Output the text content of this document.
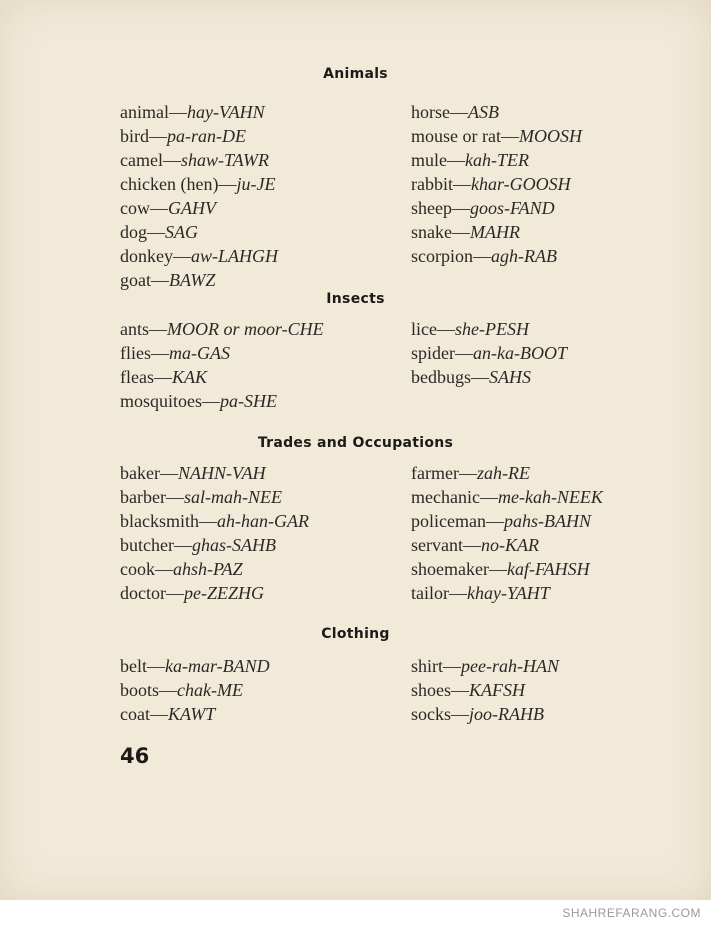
Animals
animal—hay-VAHN
bird—pa-ran-DE
camel—shaw-TAWR
chicken (hen)—ju-JE
cow—GAHV
dog—SAG
donkey—aw-LAHGH
goat—BAWZ
horse—ASB
mouse or rat—MOOSH
mule—kah-TER
rabbit—khar-GOOSH
sheep—goos-FAND
snake—MAHR
scorpion—agh-RAB
Insects
ants—MOOR or moor-CHE
flies—ma-GAS
fleas—KAK
mosquitoes—pa-SHE
lice—she-PESH
spider—an-ka-BOOT
bedbugs—SAHS
Trades and Occupations
baker—NAHN-VAH
barber—sal-mah-NEE
blacksmith—ah-han-GAR
butcher—ghas-SAHB
cook—ahsh-PAZ
doctor—pe-ZEZHG
farmer—zah-RE
mechanic—me-kah-NEEK
policeman—pahs-BAHN
servant—no-KAR
shoemaker—kaf-FAHSH
tailor—khay-YAHT
Clothing
belt—ka-mar-BAND
boots—chak-ME
coat—KAWT
shirt—pee-rah-HAN
shoes—KAFSH
socks—joo-RAHB
46
SHAHREFARANG.COM
